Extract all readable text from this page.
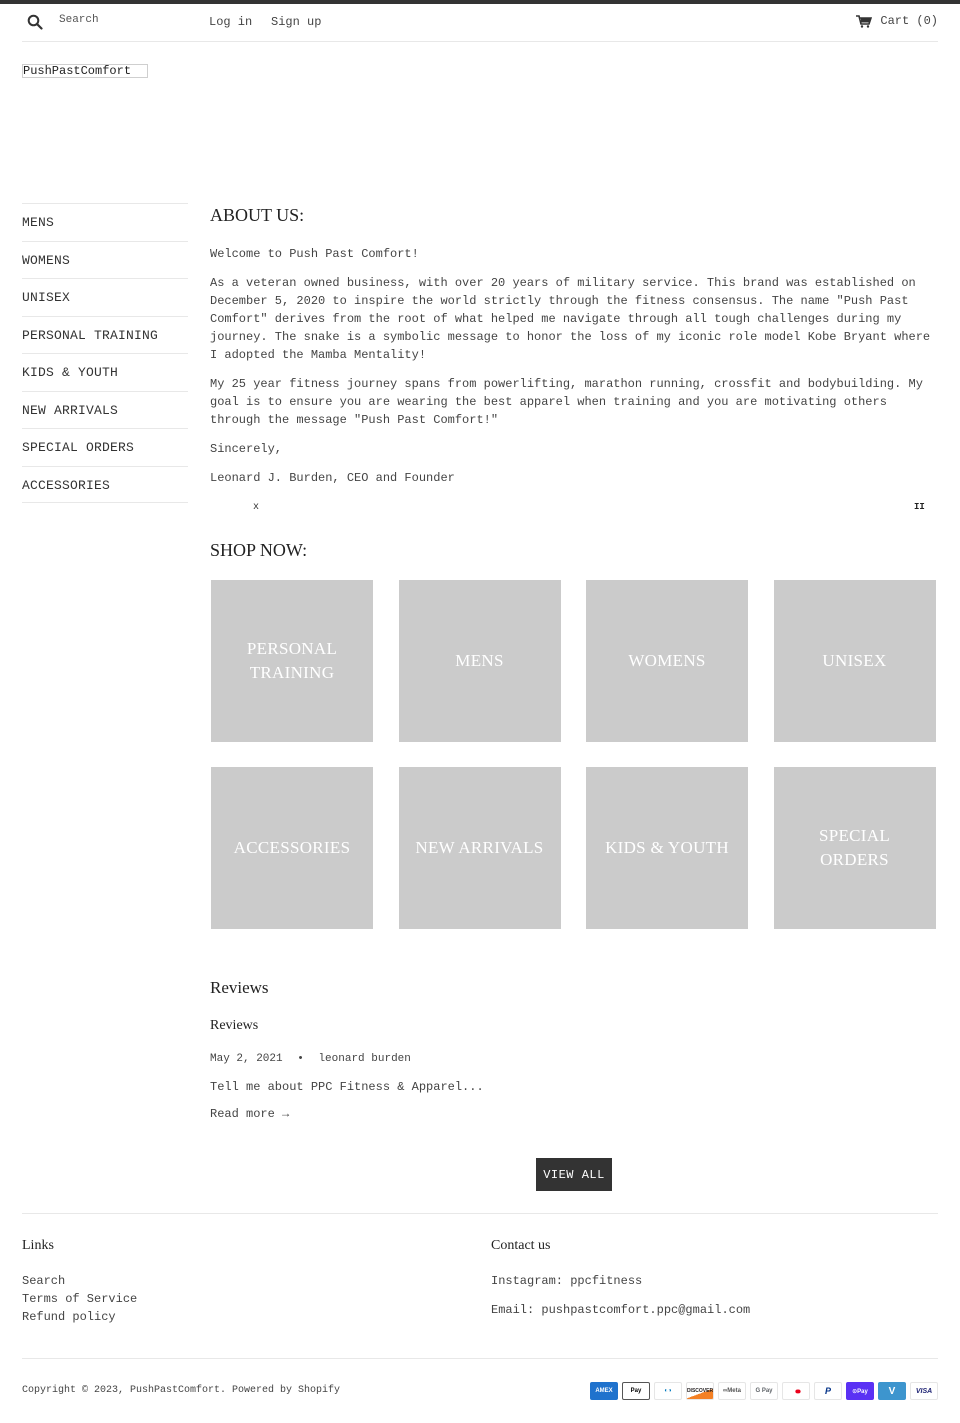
Search	Log in Sign up	Cart (0)
PushPastComfort
MENS
WOMENS
UNISEX
PERSONAL TRAINING
KIDS & YOUTH
NEW ARRIVALS
SPECIAL ORDERS
ACCESSORIES
ABOUT US:

Welcome to Push Past Comfort!

As a veteran owned business, with over 20 years of military service. This brand was established on December 5, 2020 to inspire the world strictly through the fitness consensus. The name "Push Past Comfort" derives from the root of what helped me navigate through all tough challenges during my journey. The snake is a symbolic message to honor the loss of my iconic role model Kobe Bryant where I adopted the Mamba Mentality!

My 25 year fitness journey spans from powerlifting, marathon running, crossfit and bodybuilding. My goal is to ensure you are wearing the best apparel when training and you are motivating others through the message "Push Past Comfort!"

Sincerely,

Leonard J. Burden, CEO and Founder

x	II
SHOP NOW:
PERSONAL TRAINING
MENS	WOMENS	UNISEX
ACCESSORIES	NEW ARRIVALS	KIDS & YOUTH
SPECIAL ORDERS
Reviews
Reviews
May 2, 2021 • leonard burden
Tell me about PPC Fitness & Apparel...
Read more →
VIEW ALL
Links
Search
Terms of Service
Refund policy
Contact us
Instagram: ppcfitness
Email: pushpastcomfort.ppc@gmail.com
Copyright © 2023, PushPastComfort. Powered by Shopify	AMEX	Pay	◐◑	DISCOVER	∞Meta	G Pay	●●	P	⊙Pay	V	VISA
